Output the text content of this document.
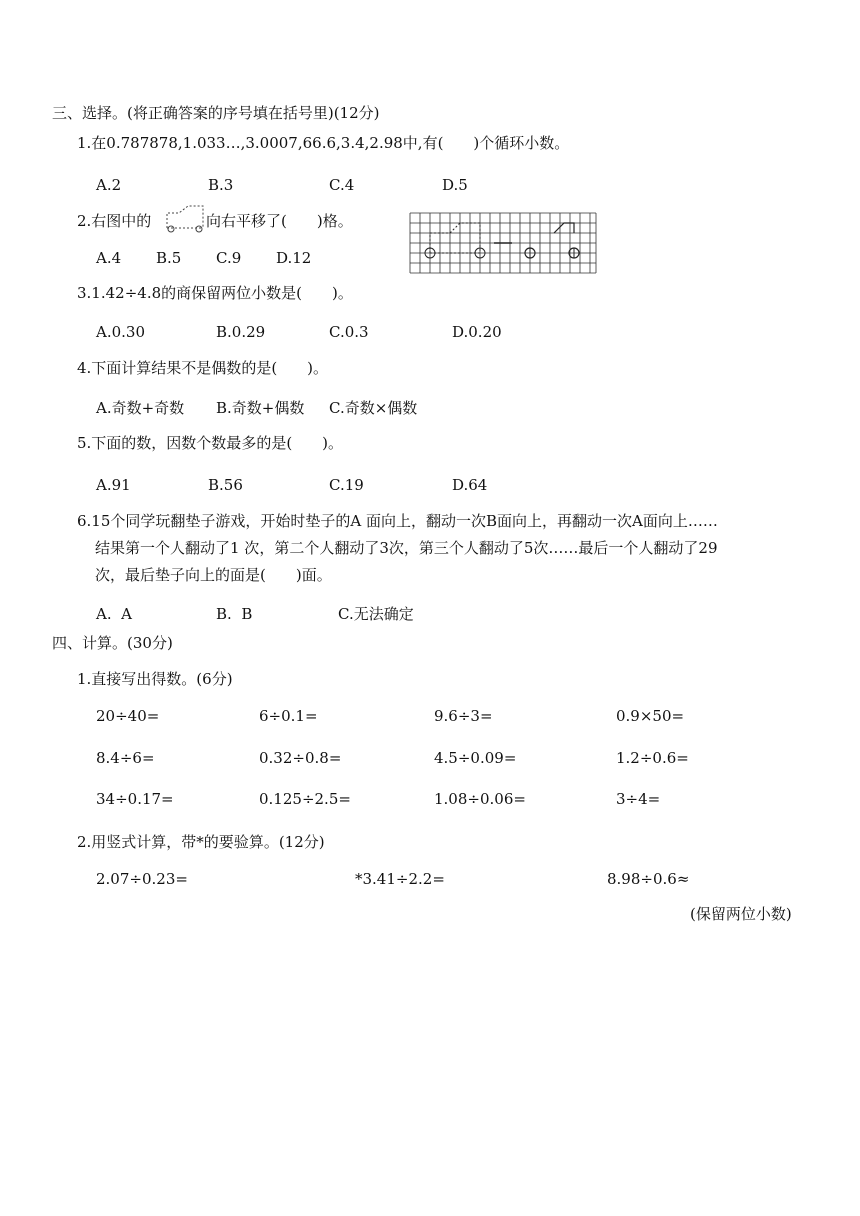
三、选择。(将正确答案的序号填在括号里)(12分)
1.在0.787878,1.033…,3.0007,66.6,3.4,2.98中,有(　　)个循环小数。
A.2	B.3	C.4	D.5
2.右图中的	向右平移了(　　)格。
A.4 B.5 C.9 D.12
3.1.42÷4.8的商保留两位小数是(　　)。
A.0.30	B.0.29	C.0.3	D.0.20
4.下面计算结果不是偶数的是(　　)。
A.奇数+奇数 B.奇数+偶数 C.奇数×偶数
5.下面的数，因数个数最多的是(　　)。
A.91	B.56	C.19	D.64
6.15个同学玩翻垫子游戏，开始时垫子的A 面向上，翻动一次B面向上，再翻动一次A面向上……
结果第一个人翻动了1 次，第二个人翻动了3次，第三个人翻动了5次……最后一个人翻动了29
次，最后垫子向上的面是(　　)面。
A.  A	B.  B	C.无法确定
四、计算。(30分)
1.直接写出得数。(6分)
20÷40=	6÷0.1=	9.6÷3=	0.9×50=
8.4÷6=	0.32÷0.8=	4.5÷0.09=	1.2÷0.6=
34÷0.17=	0.125÷2.5=	1.08÷0.06=	3÷4=
2.用竖式计算，带*的要验算。(12分)
2.07÷0.23=	*3.41÷2.2=	8.98÷0.6≈
(保留两位小数)
